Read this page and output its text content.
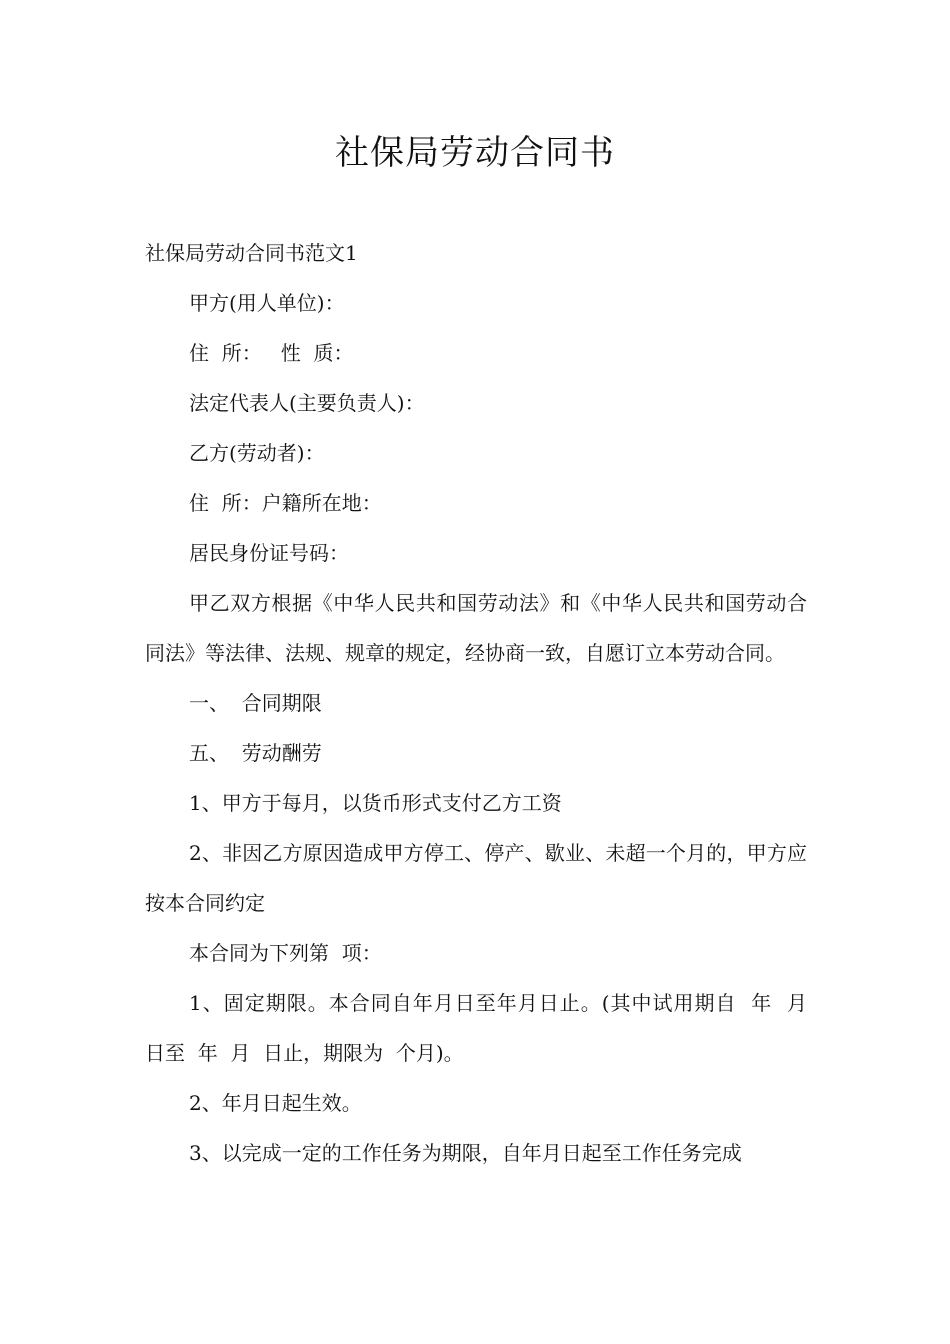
社保局劳动合同书

社保局劳动合同书范文1

甲方(用人单位)：

住  所：   性  质：

法定代表人(主要负责人)：

乙方(劳动者)：

住  所：户籍所在地：

居民身份证号码：

甲乙双方根据《中华人民共和国劳动法》和《中华人民共和国劳动合同法》等法律、法规、规章的规定，经协商一致，自愿订立本劳动合同。

一、  合同期限

五、  劳动酬劳

1、甲方于每月，以货币形式支付乙方工资

2、非因乙方原因造成甲方停工、停产、歇业、未超一个月的，甲方应按本合同约定

本合同为下列第  项：

1、固定期限。本合同自年月日至年月日止。(其中试用期自  年  月  日至  年  月  日止，期限为  个月)。

2、年月日起生效。

3、以完成一定的工作任务为期限，自年月日起至工作任务完成
